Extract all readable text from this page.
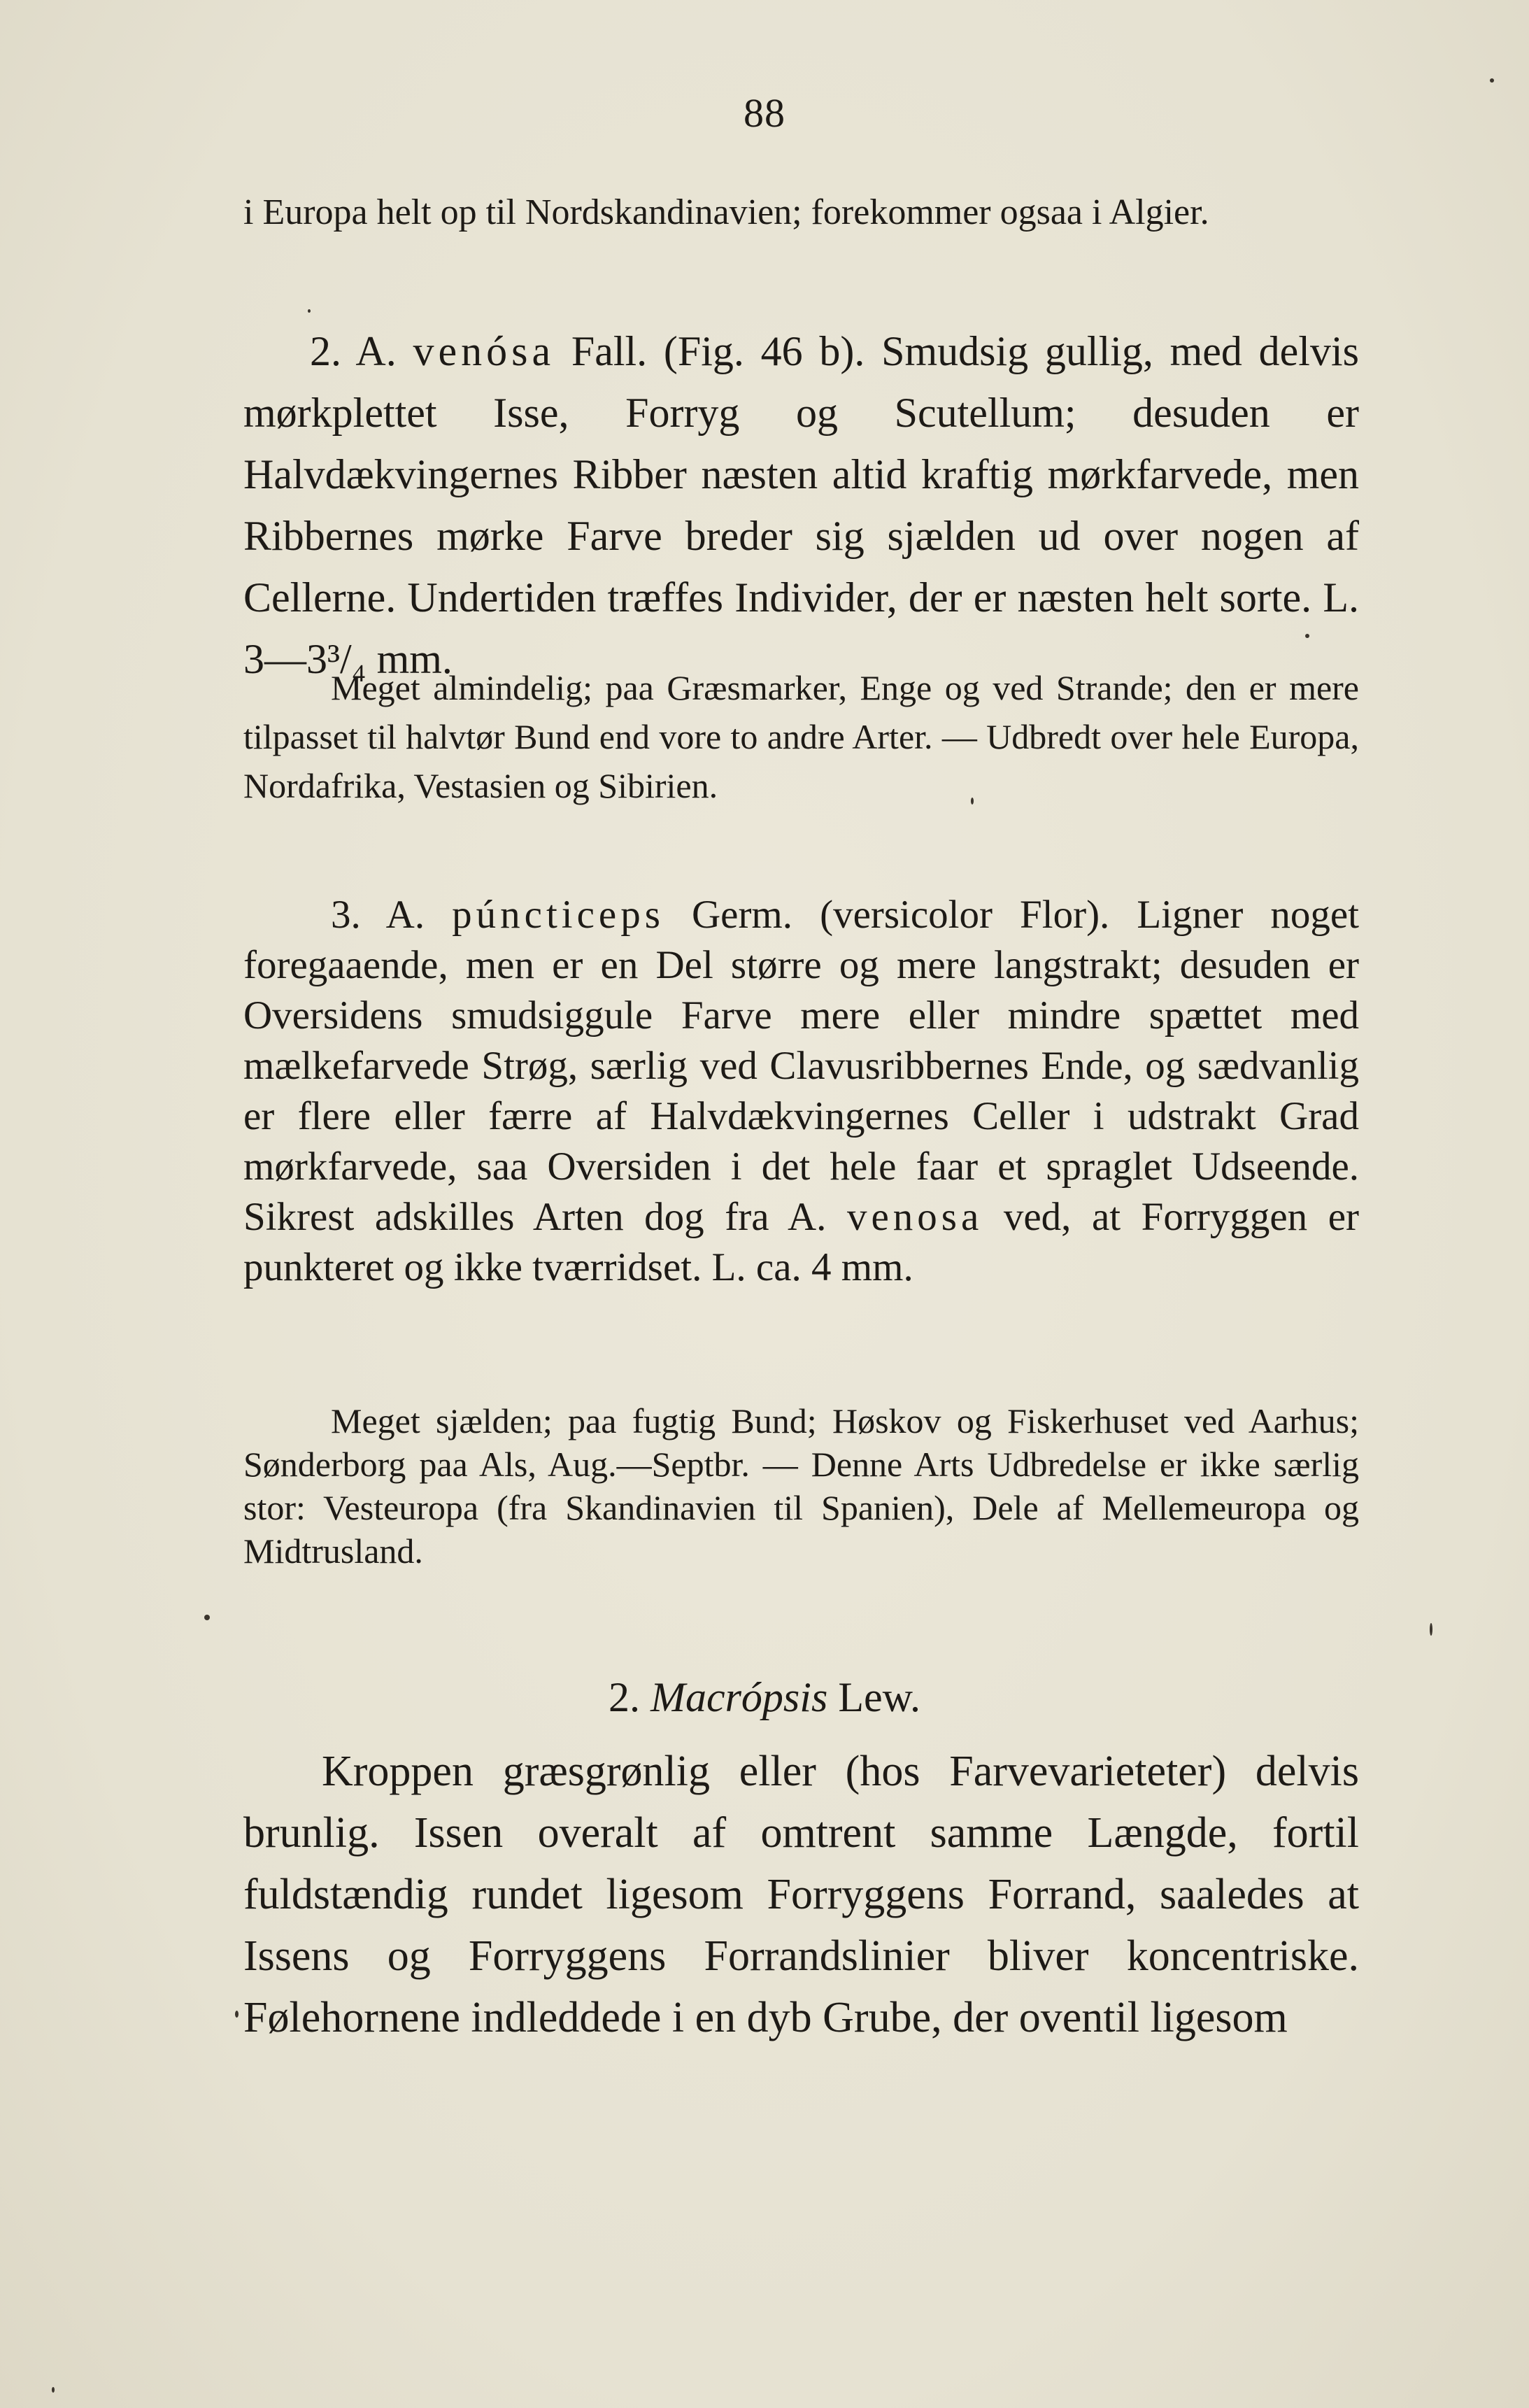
88

i Europa helt op til Nordskandinavien; forekommer ogsaa i Algier.

2. A. venósa Fall. (Fig. 46 b). Smudsig gullig, med delvis mørkplettet Isse, Forryg og Scutellum; desuden er Halvdækvingernes Ribber næsten altid kraftig mørkfarvede, men Ribbernes mørke Farve breder sig sjælden ud over nogen af Cellerne. Undertiden træffes Individer, der er næsten helt sorte. L. 3—3³/₄ mm.

Meget almindelig; paa Græsmarker, Enge og ved Strande; den er mere tilpasset til halvtør Bund end vore to andre Arter. — Udbredt over hele Europa, Nordafrika, Vestasien og Sibirien.

3. A. púncticeps Germ. (versicolor Flor). Ligner noget foregaaende, men er en Del større og mere langstrakt; desuden er Oversidens smudsiggule Farve mere eller mindre spættet med mælkefarvede Strøg, særlig ved Clavusribbernes Ende, og sædvanlig er flere eller færre af Halvdækvingernes Celler i udstrakt Grad mørkfarvede, saa Oversiden i det hele faar et spraglet Udseende. Sikrest adskilles Arten dog fra A. venosa ved, at Forryggen er punkteret og ikke tværridset. L. ca. 4 mm.

Meget sjælden; paa fugtig Bund; Høskov og Fiskerhuset ved Aarhus; Sønderborg paa Als, Aug.—Septbr. — Denne Arts Udbredelse er ikke særlig stor: Vesteuropa (fra Skandinavien til Spanien), Dele af Mellemeuropa og Midtrusland.

2. Macrópsis Lew.

Kroppen græsgrønlig eller (hos Farvevarieteter) delvis brunlig. Issen overalt af omtrent samme Længde, fortil fuldstændig rundet ligesom Forryggens Forrand, saaledes at Issens og Forryggens Forrandslinier bliver koncentriske. Følehornene indleddede i en dyb Grube, der oventil ligesom
